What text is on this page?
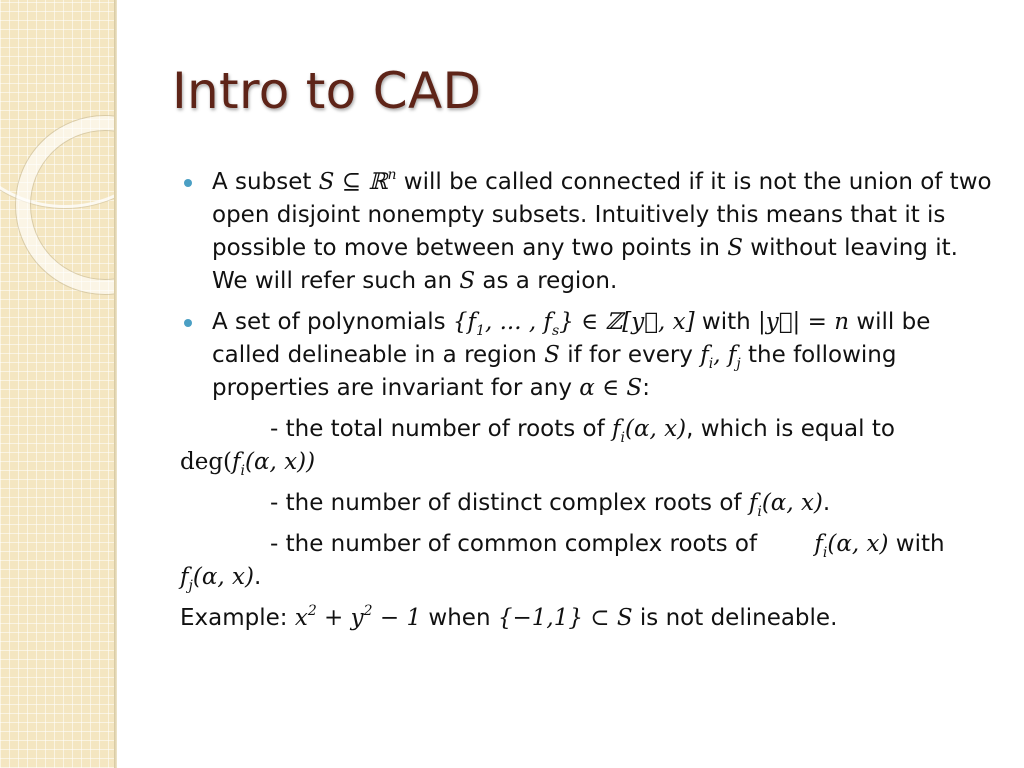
Intro to CAD
A subset S ⊆ ℝ$^n$ will be called connected if it is not the union of two open disjoint nonempty subsets. Intuitively this means that it is possible to move between any two points in S without leaving it. We will refer such an S as a region.
A set of polynomials {$f_1$, ... , $f_s$} ∈ ℤ[y⃗, x] with |y⃗| = n will be called delineable in a region S if for every $f_i$, $f_j$ the following properties are invariant for any α ∈ S:

- the total number of roots of $f_i(\alpha$, x), which is equal to $deg(f_i(\alpha$, x))

- the number of distinct complex roots of $f_i(\alpha$, x).

- the number of common complex roots of $f_i(\alpha$, x) with $f_j(\alpha$, x).

Example: $x^2 + y^2 - 1$ when {−1,1} ⊂ S is not delineable.
